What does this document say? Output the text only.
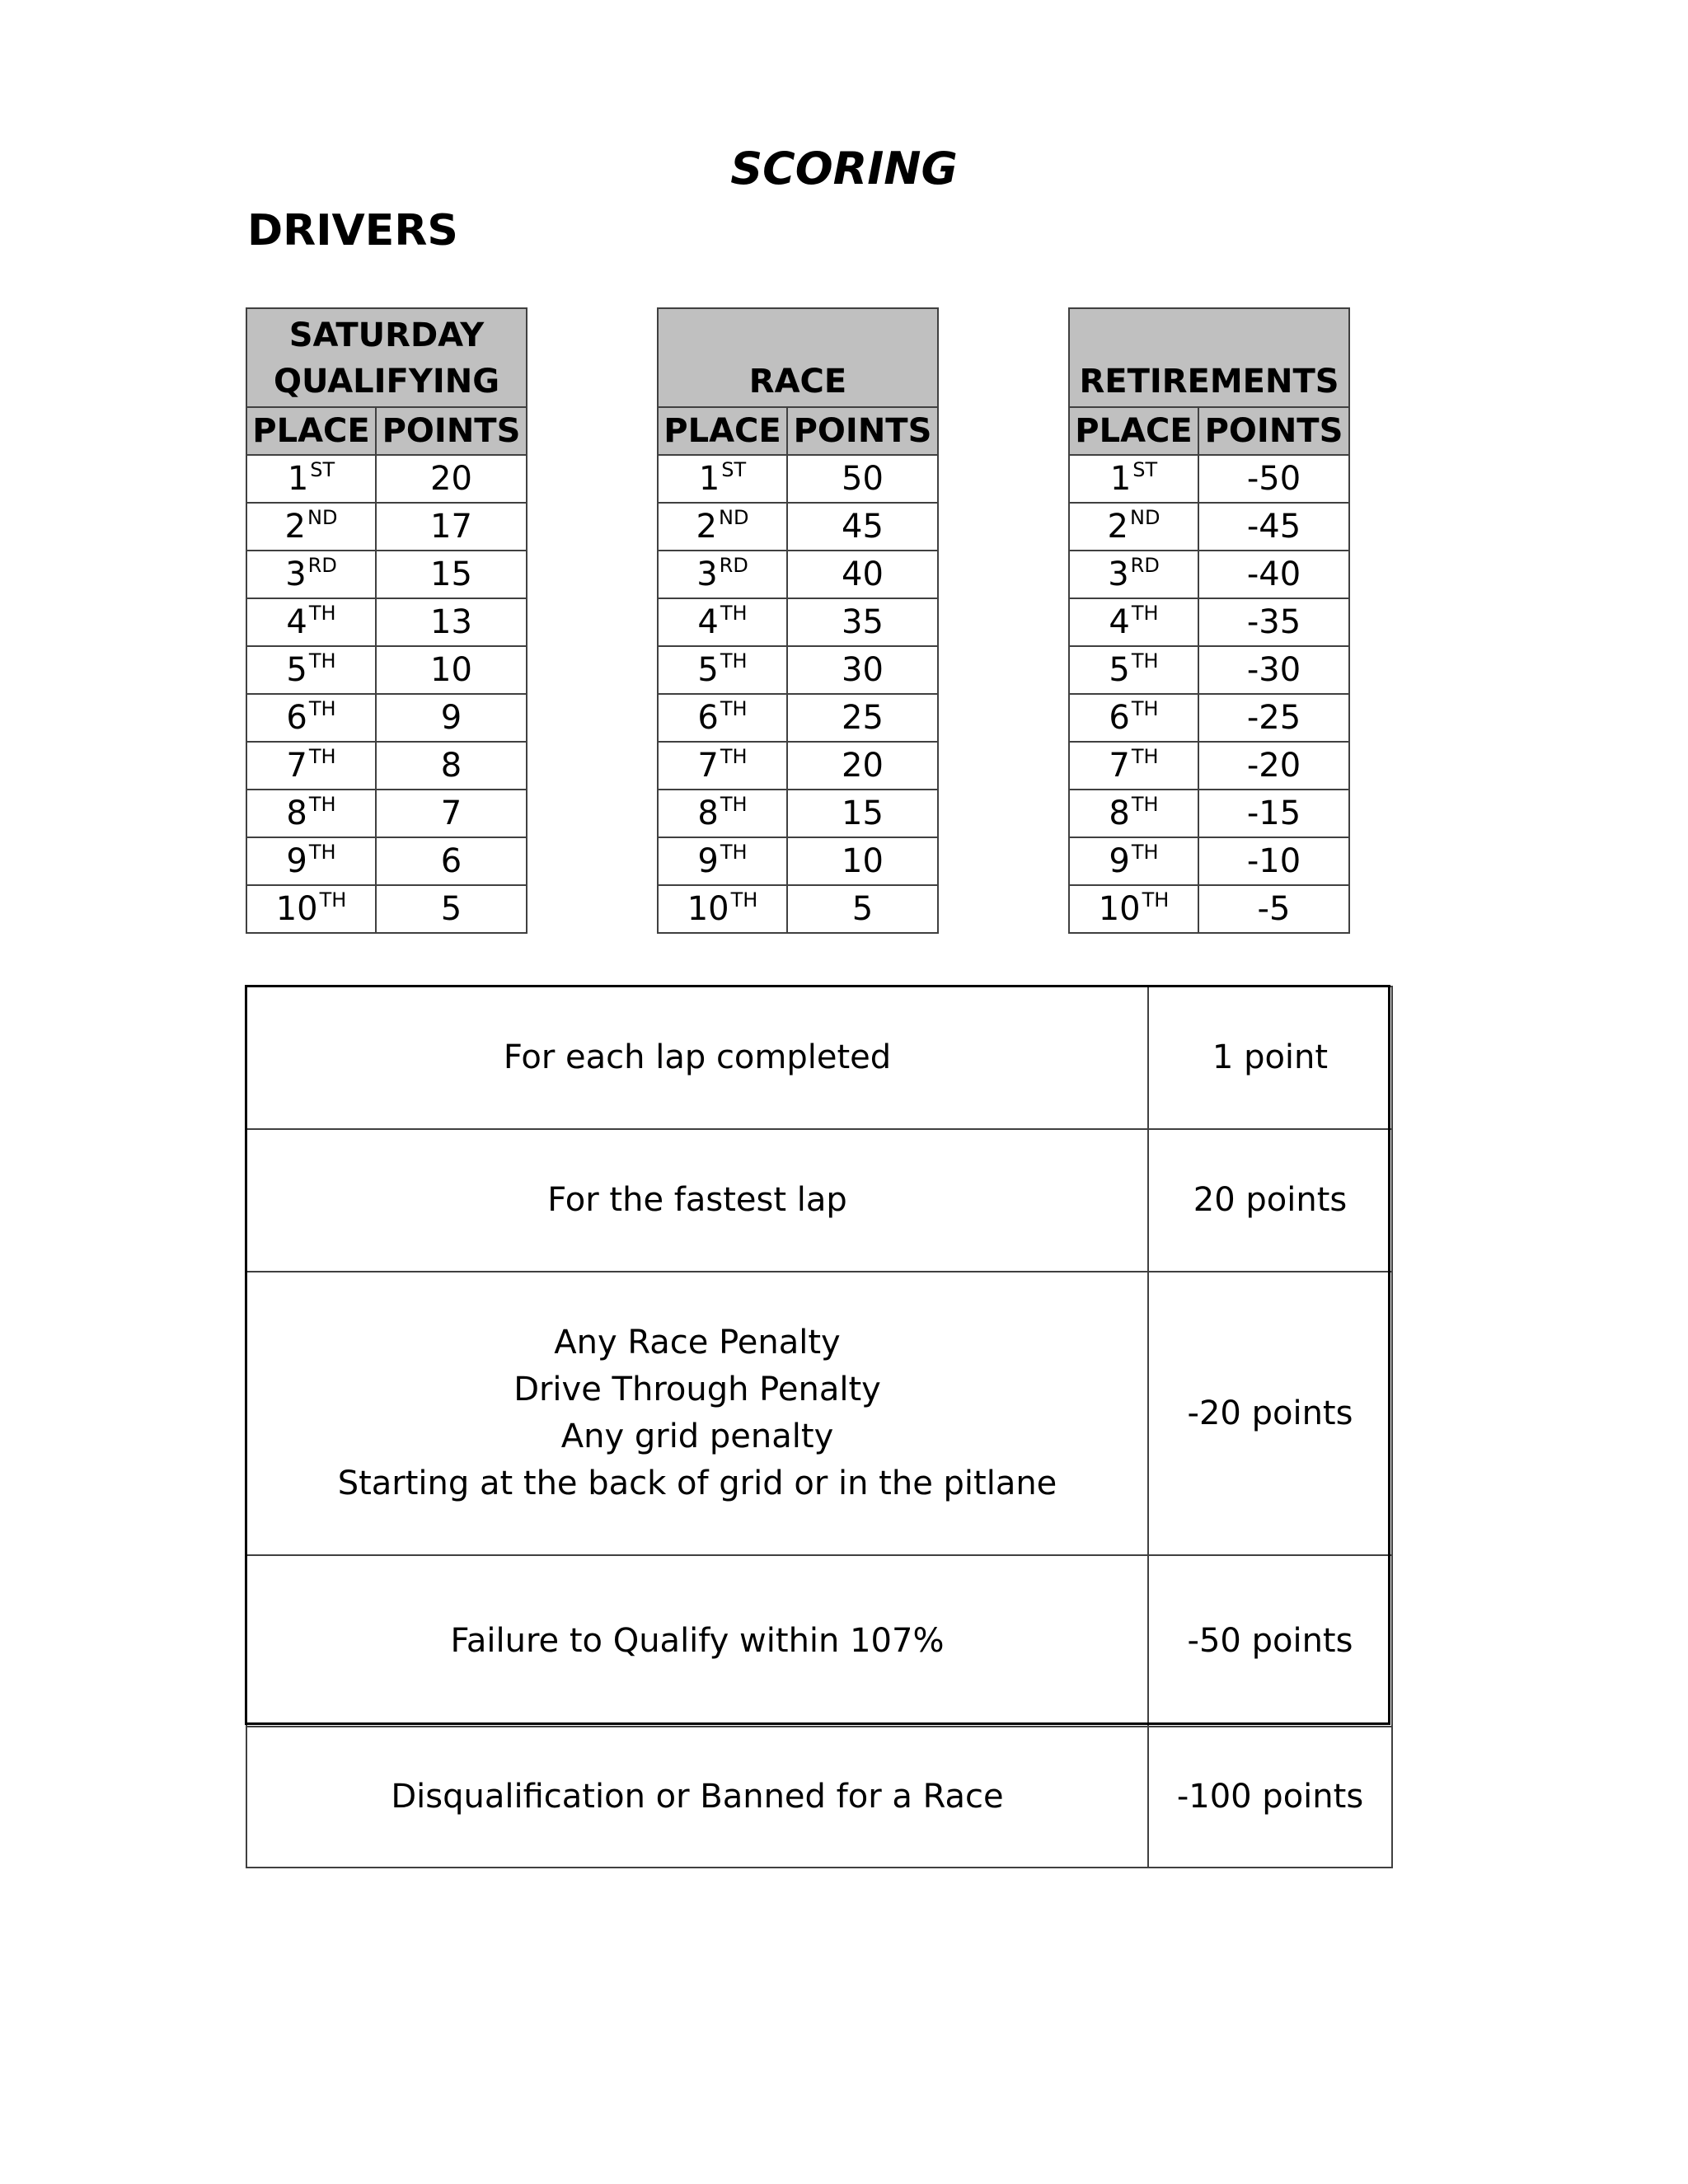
SCORING
DRIVERS
SATURDAY
QUALIFYING	

PLACE	POINTS
1ST	20
2ND	17
3RD	15
4TH	13
5TH	10
6TH	9
7TH	8
8TH	7
9TH	6
10TH	5
RACE	
PLACE	POINTS
1ST	50
2ND	45
3RD	40
4TH	35
5TH	30
6TH	25
7TH	20
8TH	15
9TH	10
10TH	5
RETIREMENTS	
PLACE	POINTS
1ST	-50
2ND	-45
3RD	-40
4TH	-35
5TH	-30
6TH	-25
7TH	-20
8TH	-15
9TH	-10
10TH	-5
For each lap completed	1 point

For the fastest lap	20 points

Any Race Penalty
Drive Through Penalty
Any grid penalty
Starting at the back of grid or in the pitlane	-20 points

Failure to Qualify within 107%	-50 points

Disqualification or Banned for a Race	-100 points
